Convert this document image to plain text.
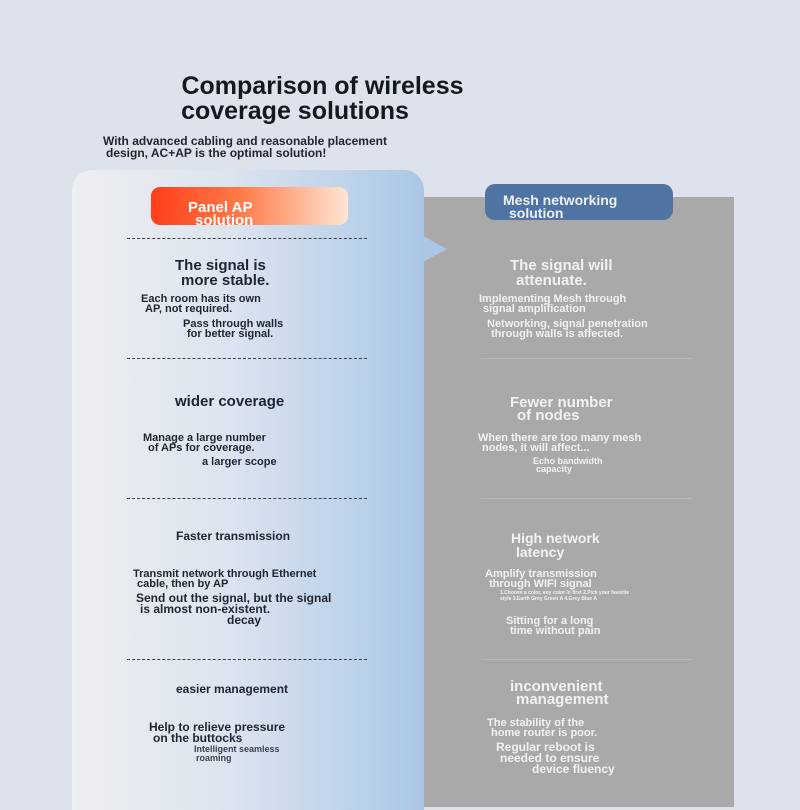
Comparison of wireless
coverage solutions
With advanced cabling and reasonable placement
design, AC+AP is the optimal solution!
Panel AP
solution
Mesh networking
solution
The signal is
more stable.
Each room has its own
AP, not required.
Pass through walls
for better signal.
wider coverage
Manage a large number
of APs for coverage.
a larger scope
Faster transmission
Transmit network through Ethernet
cable, then by AP
Send out the signal, but the signal
is almost non-existent.
decay
easier management
Help to relieve pressure
on the buttocks
Intelligent seamless
roaming
The signal will
attenuate.
Implementing Mesh through
signal amplification
Networking, signal penetration
through walls is affected.
Fewer number
of nodes
When there are too many mesh
nodes, it will affect...
Echo bandwidth
capacity
High network
latency
Amplify transmission
through WIFI signal
1.Choose a color, any color in first 2.Pick your favorite
style 3.Earth Grey Green A 4.Grey Blue A
Sitting for a long
time without pain
inconvenient
management
The stability of the
home router is poor.
Regular reboot is
needed to ensure
device fluency
